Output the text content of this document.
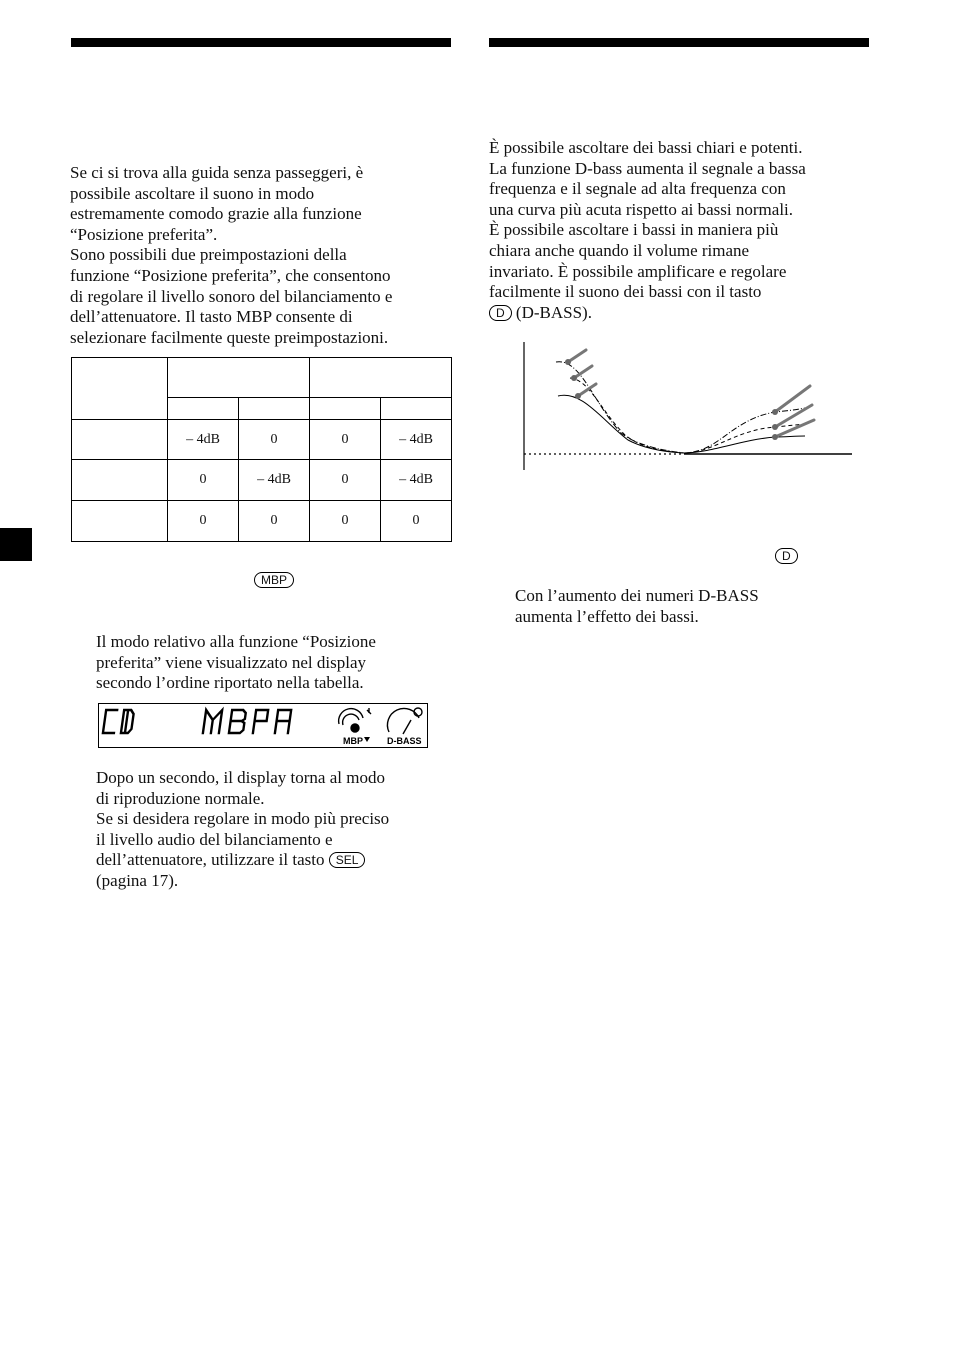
Se ci si trova alla guida senza passeggeri, è
possibile ascoltare il suono in modo
estremamente comodo grazie alla funzione
“Posizione preferita”.
Sono possibili due preimpostazioni della
funzione “Posizione preferita”, che consentono
di regolare il livello sonoro del bilanciamento e
dell’attenuatore. Il tasto MBP consente di
selezionare facilmente queste preimpostazioni.

	– 4dB	0	0	– 4dB
	0	– 4dB	0	– 4dB
	0	0	0	0
MBP
Il modo relativo alla funzione “Posizione
preferita” viene visualizzato nel display
secondo l’ordine riportato nella tabella.
MBP	D-BASS
Dopo un secondo, il display torna al modo
di riproduzione normale.
Se si desidera regolare in modo più preciso
il livello audio del bilanciamento e
dell’attenuatore, utilizzare il tasto SEL
(pagina 17).
È possibile ascoltare dei bassi chiari e potenti.
La funzione D-bass aumenta il segnale a bassa
frequenza e il segnale ad alta frequenza con
una curva più acuta rispetto ai bassi normali.
È possibile ascoltare i bassi in maniera più
chiara anche quando il volume rimane
invariato. È possibile amplificare e regolare
facilmente il suono dei bassi con il tasto
D (D-BASS).
D
Con l’aumento dei numeri D-BASS
aumenta l’effetto dei bassi.
